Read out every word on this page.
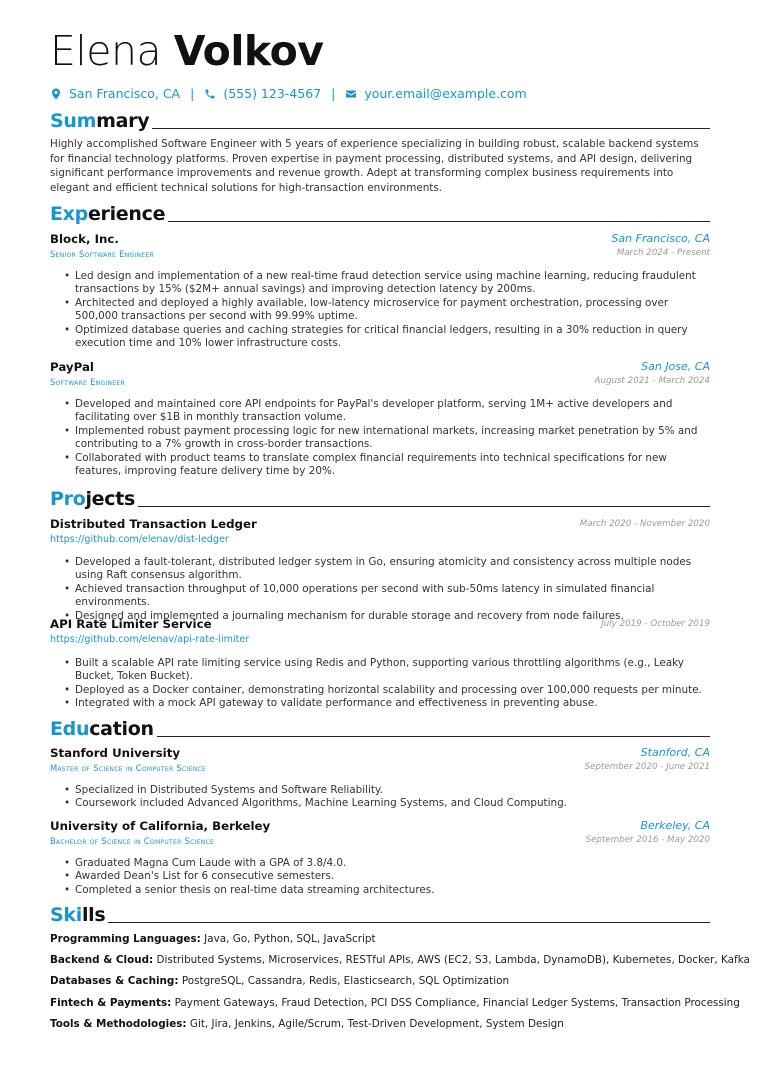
Elena Volkov
San Francisco, CA | (555) 123-4567 | your.email@example.com
Summary
Highly accomplished Software Engineer with 5 years of experience specializing in building robust, scalable backend systems for financial technology platforms. Proven expertise in payment processing, distributed systems, and API design, delivering significant performance improvements and revenue growth. Adept at transforming complex business requirements into elegant and efficient technical solutions for high-transaction environments.
Experience
Block, Inc.	San Francisco, CA
Senior Software Engineer	March 2024 - Present
• Led design and implementation of a new real-time fraud detection service using machine learning, reducing fraudulent transactions by 15% ($2M+ annual savings) and improving detection latency by 200ms.
• Architected and deployed a highly available, low-latency microservice for payment orchestration, processing over 500,000 transactions per second with 99.99% uptime.
• Optimized database queries and caching strategies for critical financial ledgers, resulting in a 30% reduction in query execution time and 10% lower infrastructure costs.
PayPal	San Jose, CA
Software Engineer	August 2021 - March 2024
• Developed and maintained core API endpoints for PayPal's developer platform, serving 1M+ active developers and facilitating over $1B in monthly transaction volume.
• Implemented robust payment processing logic for new international markets, increasing market penetration by 5% and contributing to a 7% growth in cross-border transactions.
• Collaborated with product teams to translate complex financial requirements into technical specifications for new features, improving feature delivery time by 20%.
Projects
Distributed Transaction Ledger	March 2020 - November 2020
https://github.com/elenav/dist-ledger
• Developed a fault-tolerant, distributed ledger system in Go, ensuring atomicity and consistency across multiple nodes using Raft consensus algorithm.
• Achieved transaction throughput of 10,000 operations per second with sub-50ms latency in simulated financial environments.
• Designed and implemented a journaling mechanism for durable storage and recovery from node failures.
API Rate Limiter Service	July 2019 - October 2019
https://github.com/elenav/api-rate-limiter
• Built a scalable API rate limiting service using Redis and Python, supporting various throttling algorithms (e.g., Leaky Bucket, Token Bucket).
• Deployed as a Docker container, demonstrating horizontal scalability and processing over 100,000 requests per minute.
• Integrated with a mock API gateway to validate performance and effectiveness in preventing abuse.
Education
Stanford University	Stanford, CA
Master of Science in Computer Science	September 2020 - June 2021
• Specialized in Distributed Systems and Software Reliability.
• Coursework included Advanced Algorithms, Machine Learning Systems, and Cloud Computing.
University of California, Berkeley	Berkeley, CA
Bachelor of Science in Computer Science	September 2016 - May 2020
• Graduated Magna Cum Laude with a GPA of 3.8/4.0.
• Awarded Dean's List for 6 consecutive semesters.
• Completed a senior thesis on real-time data streaming architectures.
Skills
Programming Languages: Java, Go, Python, SQL, JavaScript
Backend & Cloud: Distributed Systems, Microservices, RESTful APIs, AWS (EC2, S3, Lambda, DynamoDB), Kubernetes, Docker, Kafka
Databases & Caching: PostgreSQL, Cassandra, Redis, Elasticsearch, SQL Optimization
Fintech & Payments: Payment Gateways, Fraud Detection, PCI DSS Compliance, Financial Ledger Systems, Transaction Processing
Tools & Methodologies: Git, Jira, Jenkins, Agile/Scrum, Test-Driven Development, System Design
